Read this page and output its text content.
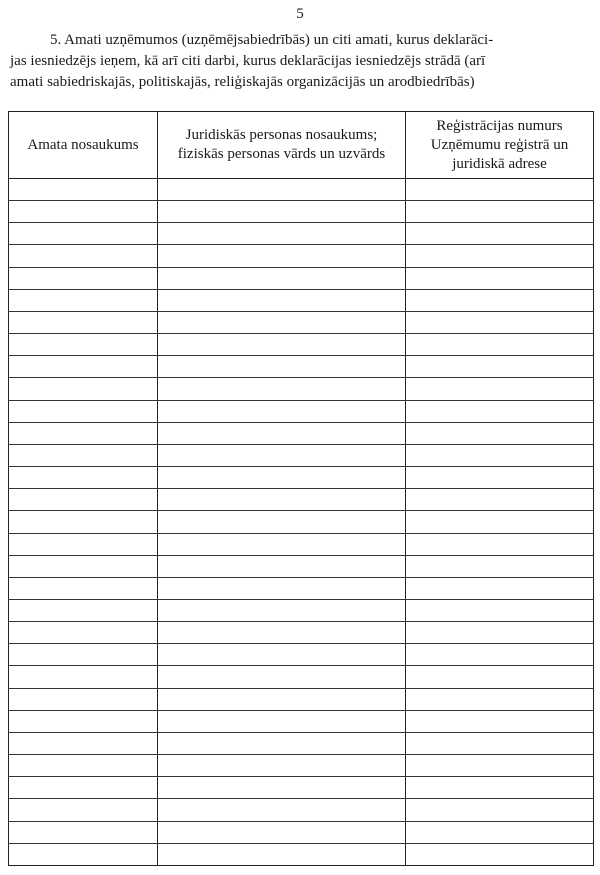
5
5. Amati uzņēmumos (uzņēmējsabiedrībās) un citi amati, kurus deklarāci-
jas iesniedzējs ieņem, kā arī citi darbi, kurus deklarācijas iesniedzējs strādā (arī
amati sabiedriskajās, politiskajās, reliģiskajās organizācijās un arodbiedrībās)
Amata nosaukums	Juridiskās personas nosaukums; fiziskās personas vārds un uzvārds	Reģistrācijas numurs Uzņēmumu reģistrā un juridiskā adrese
